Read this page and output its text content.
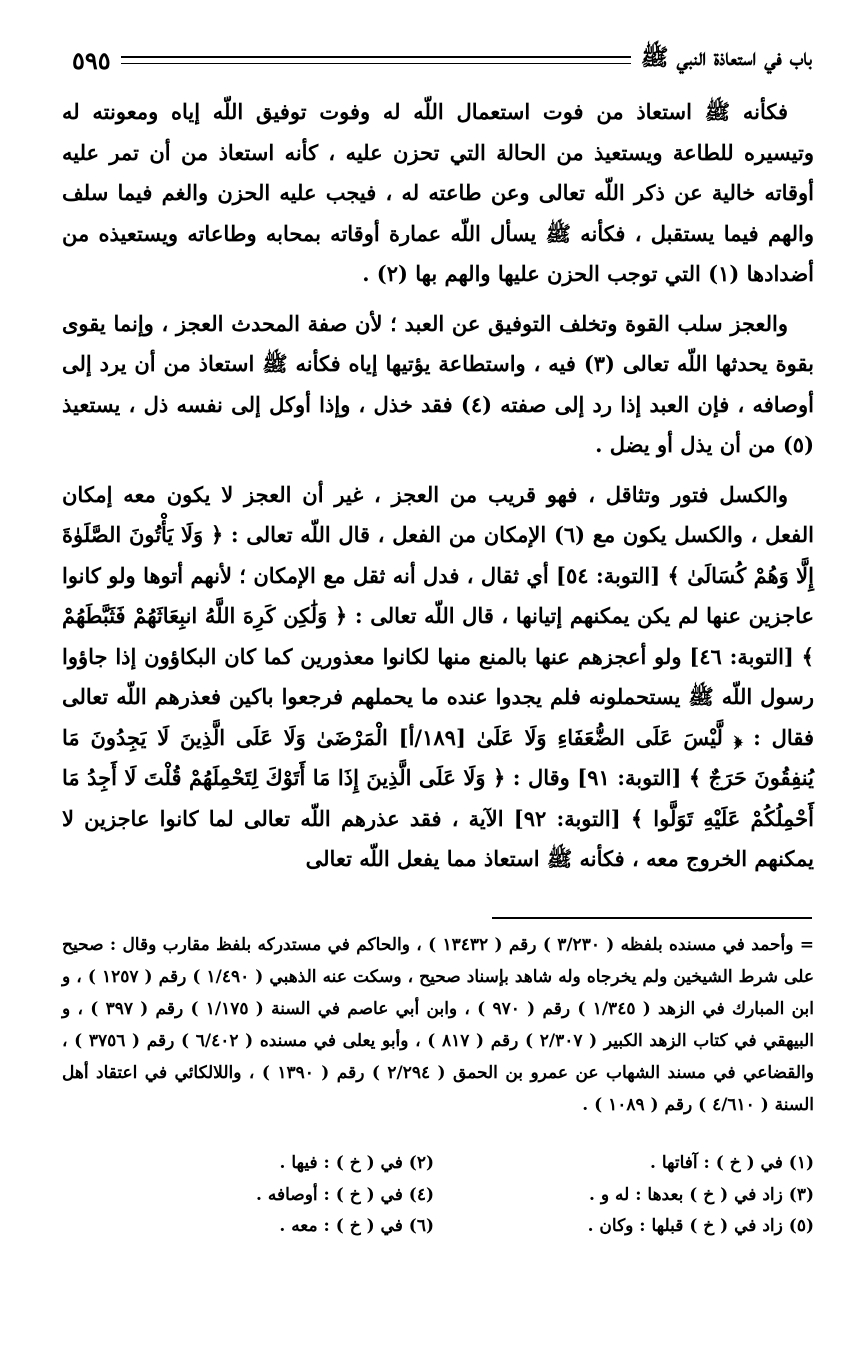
باب في استعاذة النبي ﷺ
٥٩٥

فكأنه ﷺ استعاذ من فوت استعمال اللّه له وفوت توفيق اللّه إياه ومعونته له وتيسيره للطاعة ويستعيذ من الحالة التي تحزن عليه ، كأنه استعاذ من أن تمر عليه أوقاته خالية عن ذكر اللّه تعالى وعن طاعته له ، فيجب عليه الحزن والغم فيما سلف والهم فيما يستقبل ، فكأنه ﷺ يسأل اللّه عمارة أوقاته بمحابه وطاعاته ويستعيذه من أضدادها (١) التي توجب الحزن عليها والهم بها (٢) .

والعجز سلب القوة وتخلف التوفيق عن العبد ؛ لأن صفة المحدث العجز ، وإنما يقوى بقوة يحدثها اللّه تعالى (٣) فيه ، واستطاعة يؤتيها إياه فكأنه ﷺ استعاذ من أن يرد إلى أوصافه ، فإن العبد إذا رد إلى صفته (٤) فقد خذل ، وإذا أوكل إلى نفسه ذل ، يستعيذ (٥) من أن يذل أو يضل .

والكسل فتور وتثاقل ، فهو قريب من العجز ، غير أن العجز لا يكون معه إمكان الفعل ، والكسل يكون مع (٦) الإمكان من الفعل ، قال اللّه تعالى : ﴿ وَلَا يَأْتُونَ الصَّلَوٰةَ إِلَّا وَهُمْ كُسَالَىٰ ﴾ [التوبة: ٥٤] أي ثقال ، فدل أنه ثقل مع الإمكان ؛ لأنهم أتوها ولو كانوا عاجزين عنها لم يكن يمكنهم إتيانها ، قال اللّه تعالى : ﴿ وَلَٰكِن كَرِهَ اللَّهُ انبِعَاثَهُمْ فَثَبَّطَهُمْ ﴾ [التوبة: ٤٦] ولو أعجزهم عنها بالمنع منها لكانوا معذورين كما كان البكاؤون إذا جاؤوا رسول اللّه ﷺ يستحملونه فلم يجدوا عنده ما يحملهم فرجعوا باكين فعذرهم اللّه تعالى فقال : ﴿ لَّيْسَ عَلَى الضُّعَفَاءِ وَلَا عَلَىٰ [١٨٩/أ] الْمَرْضَىٰ وَلَا عَلَى الَّذِينَ لَا يَجِدُونَ مَا يُنفِقُونَ حَرَجٌ ﴾ [التوبة: ٩١] وقال : ﴿ وَلَا عَلَى الَّذِينَ إِذَا مَا أَتَوْكَ لِتَحْمِلَهُمْ قُلْتَ لَا أَجِدُ مَا أَحْمِلُكُمْ عَلَيْهِ تَوَلَّوا ﴾ [التوبة: ٩٢] الآية ، فقد عذرهم اللّه تعالى لما كانوا عاجزين لا يمكنهم الخروج معه ، فكأنه ﷺ استعاذ مما يفعل اللّه تعالى

= وأحمد في مسنده بلفظه ( ٣/٢٣٠ ) رقم ( ١٣٤٣٢ ) ، والحاكم في مستدركه بلفظ مقارب وقال : صحيح على شرط الشيخين ولم يخرجاه وله شاهد بإسناد صحيح ، وسكت عنه الذهبي ( ١/٤٩٠ ) رقم ( ١٢٥٧ ) ، و ابن المبارك في الزهد ( ١/٣٤٥ ) رقم ( ٩٧٠ ) ، وابن أبي عاصم في السنة ( ١/١٧٥ ) رقم ( ٣٩٧ ) ، و البيهقي في كتاب الزهد الكبير ( ٢/٣٠٧ ) رقم ( ٨١٧ ) ، وأبو يعلى في مسنده ( ٦/٤٠٢ ) رقم ( ٣٧٥٦ ) ، والقضاعي في مسند الشهاب عن عمرو بن الحمق ( ٢/٢٩٤ ) رقم ( ١٣٩٠ ) ، واللالكائي في اعتقاد أهل السنة ( ٤/٦١٠ ) رقم ( ١٠٨٩ ) .

(١) في ( خ ) : آفاتها .
(٢) في ( خ ) : فيها .
(٣) زاد في ( خ ) بعدها : له و .
(٤) في ( خ ) : أوصافه .
(٥) زاد في ( خ ) قبلها : وكان .
(٦) في ( خ ) : معه .
